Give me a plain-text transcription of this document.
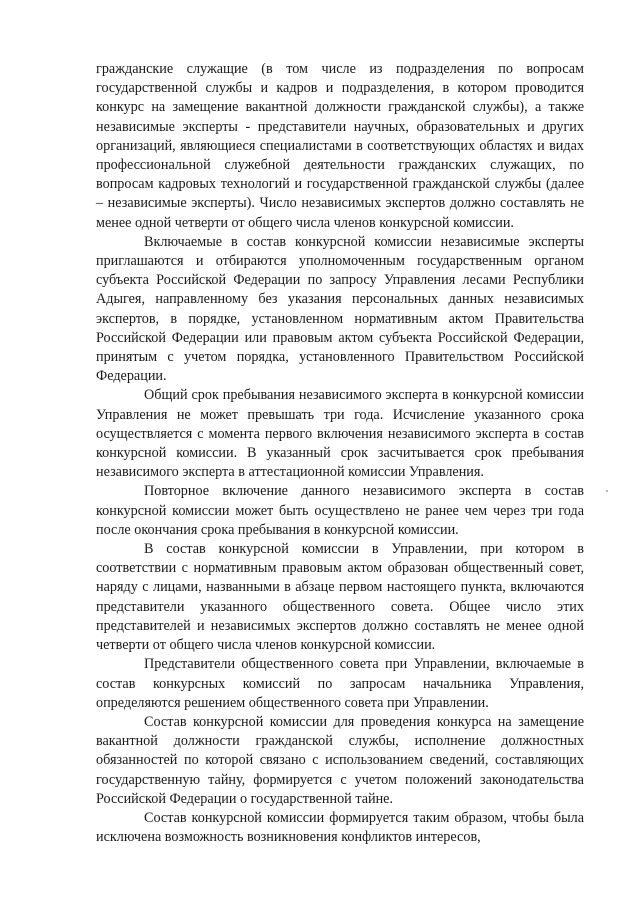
гражданские служащие (в том числе из подразделения по вопросам государственной службы и кадров и подразделения, в котором проводится конкурс на замещение вакантной должности гражданской службы), а также независимые эксперты - представители научных, образовательных и других организаций, являющиеся специалистами в соответствующих областях и видах профессиональной служебной деятельности гражданских служащих, по вопросам кадровых технологий и государственной гражданской службы (далее – независимые эксперты). Число независимых экспертов должно составлять не менее одной четверти от общего числа членов конкурсной комиссии.

Включаемые в состав конкурсной комиссии независимые эксперты приглашаются и отбираются уполномоченным государственным органом субъекта Российской Федерации по запросу Управления лесами Республики Адыгея, направленному без указания персональных данных независимых экспертов, в порядке, установленном нормативным актом Правительства Российской Федерации или правовым актом субъекта Российской Федерации, принятым с учетом порядка, установленного Правительством Российской Федерации.

Общий срок пребывания независимого эксперта в конкурсной комиссии Управления не может превышать три года. Исчисление указанного срока осуществляется с момента первого включения независимого эксперта в состав конкурсной комиссии. В указанный срок засчитывается срок пребывания независимого эксперта в аттестационной комиссии Управления.

Повторное включение данного независимого эксперта в состав конкурсной комиссии может быть осуществлено не ранее чем через три года после окончания срока пребывания в конкурсной комиссии.

В состав конкурсной комиссии в Управлении, при котором в соответствии с нормативным правовым актом образован общественный совет, наряду с лицами, названными в абзаце первом настоящего пункта, включаются представители указанного общественного совета. Общее число этих представителей и независимых экспертов должно составлять не менее одной четверти от общего числа членов конкурсной комиссии.

Представители общественного совета при Управлении, включаемые в состав конкурсных комиссий по запросам начальника Управления, определяются решением общественного совета при Управлении.

Состав конкурсной комиссии для проведения конкурса на замещение вакантной должности гражданской службы, исполнение должностных обязанностей по которой связано с использованием сведений, составляющих государственную тайну, формируется с учетом положений законодательства Российской Федерации о государственной тайне.

Состав конкурсной комиссии формируется таким образом, чтобы была исключена возможность возникновения конфликтов интересов,
